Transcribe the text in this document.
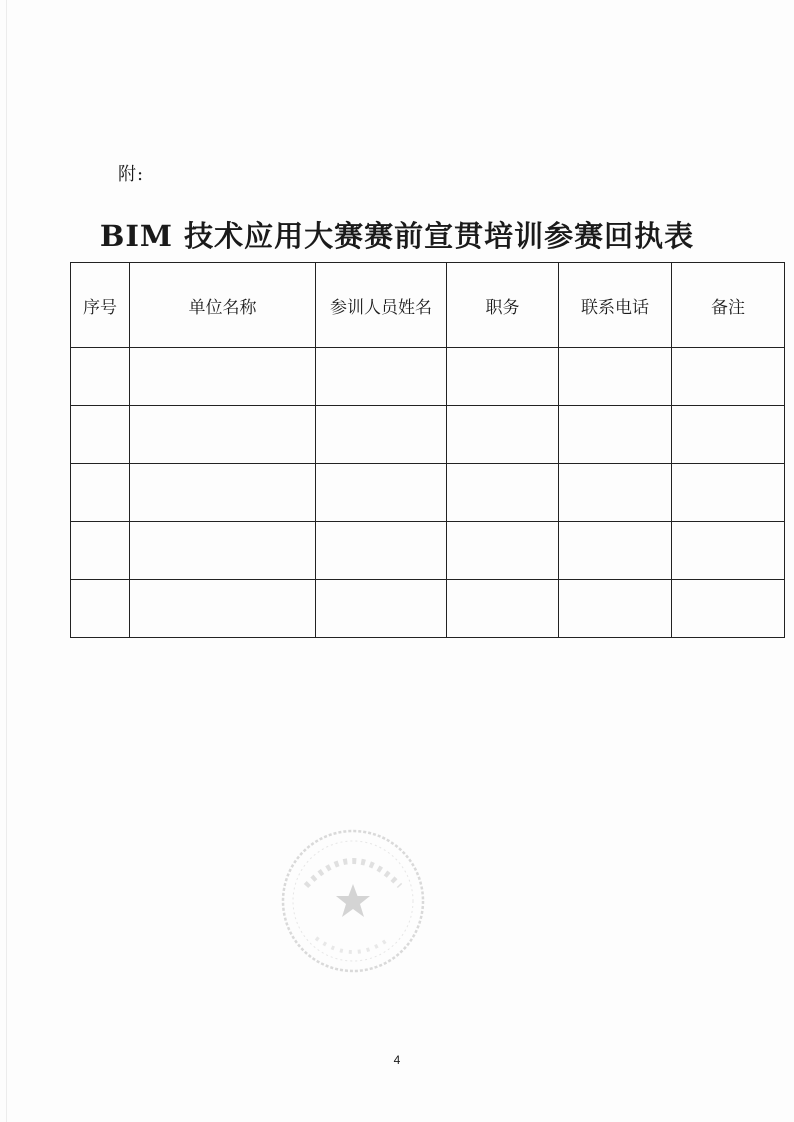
附:
BIM 技术应用大赛赛前宣贯培训参赛回执表
序号	单位名称	参训人员姓名	职务	联系电话	备注

4
